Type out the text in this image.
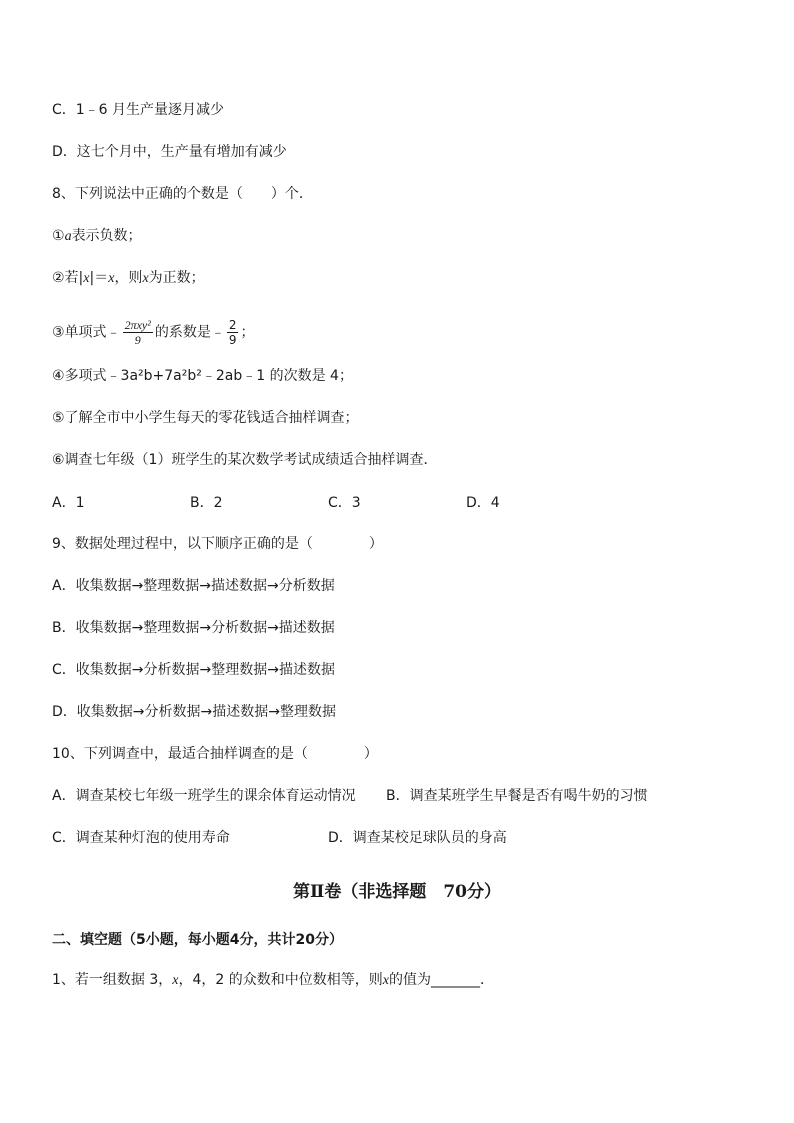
C．1﹣6 月生产量逐月减少
D．这七个月中，生产量有增加有减少
8、下列说法中正确的个数是（　　）个．
①a表示负数；
②若|x|＝x，则x为正数；
③单项式﹣ $\frac{\text{2πxy²}}{9}$ 的系数是﹣ $\frac{2}{9}$ ；
④多项式﹣3a²b+7a²b²﹣2ab﹣1 的次数是 4；
⑤了解全市中小学生每天的零花钱适合抽样调查；
⑥调查七年级（1）班学生的某次数学考试成绩适合抽样调查．
A．1	B．2	C．3	D．4
9、数据处理过程中，以下顺序正确的是（　　　　）
A．收集数据→整理数据→描述数据→分析数据
B．收集数据→整理数据→分析数据→描述数据
C．收集数据→分析数据→整理数据→描述数据
D．收集数据→分析数据→描述数据→整理数据
10、下列调查中，最适合抽样调查的是（　　　　）
A．调查某校七年级一班学生的课余体育运动情况 B．调查某班学生早餐是否有喝牛奶的习惯
C．调查某种灯泡的使用寿命	D．调查某校足球队员的身高
第Ⅱ卷（非选择题　70分）
二、填空题（5小题，每小题4分，共计20分）
1、若一组数据 3，x，4，2 的众数和中位数相等，则x的值为_______．
